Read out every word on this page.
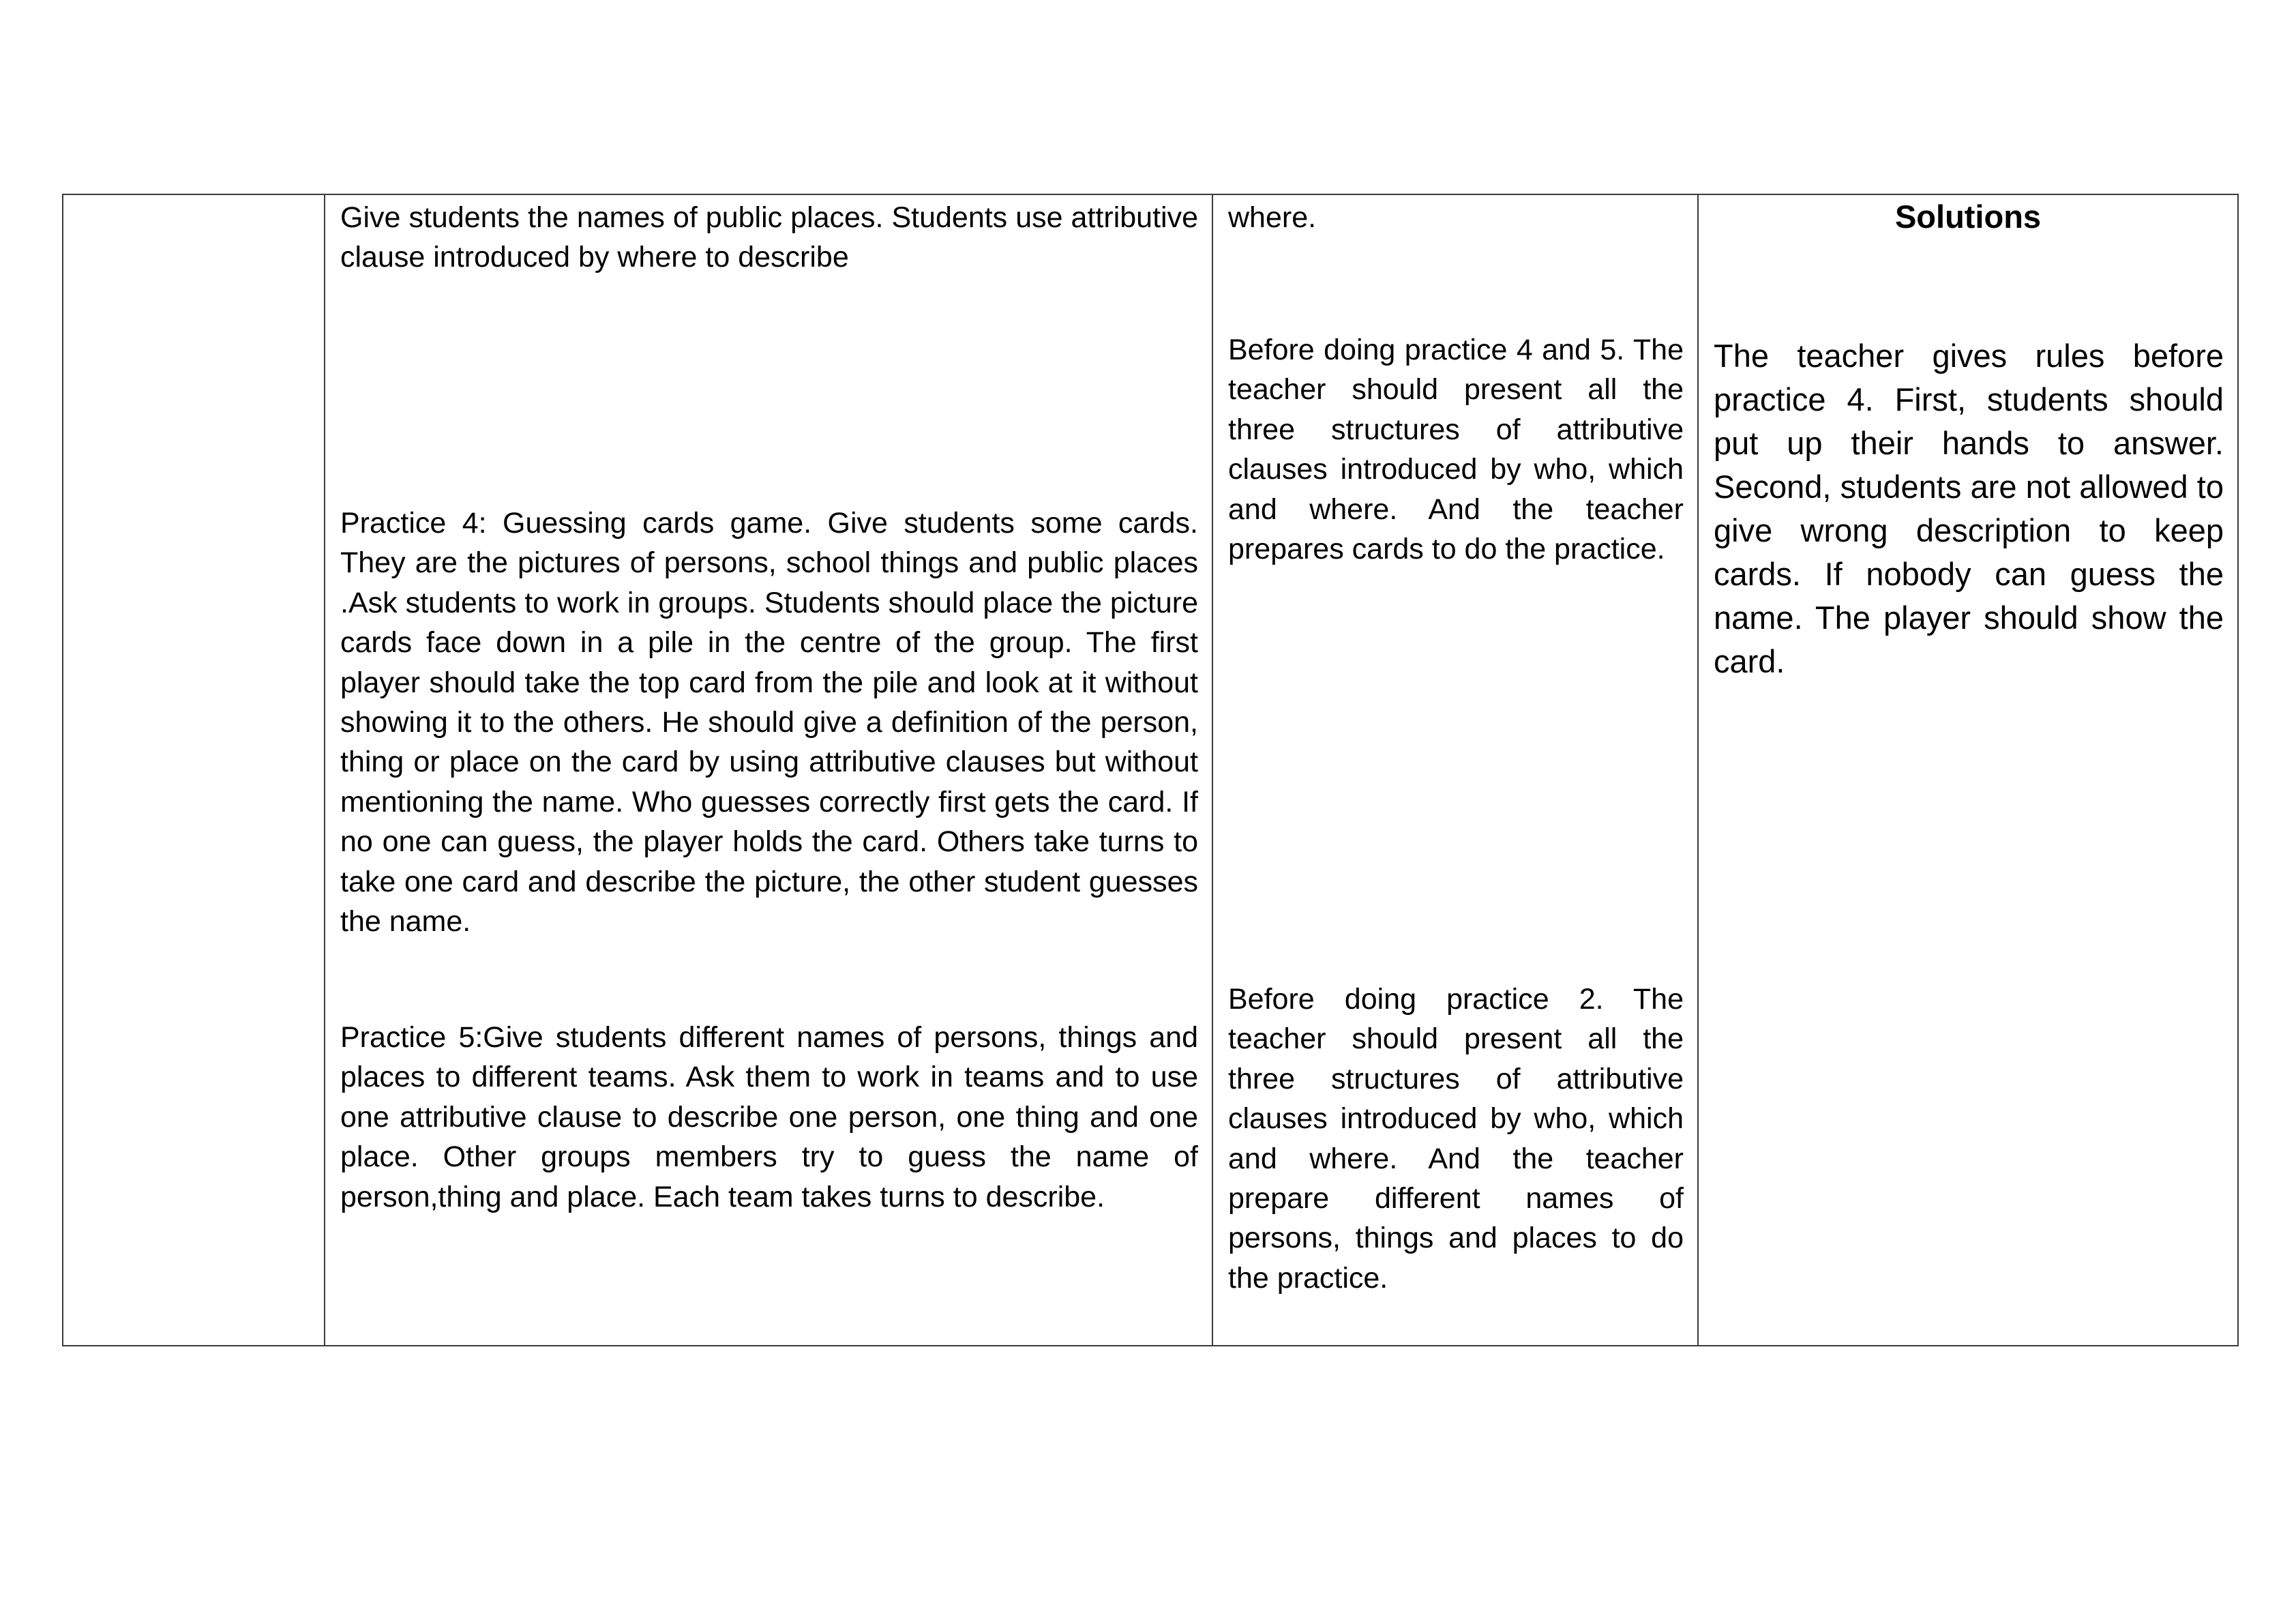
Give students the names of public places. Students use attributive clause introduced by where to describe

Practice 4: Guessing cards game. Give students some cards. They are the pictures of persons, school things and public places .Ask students to work in groups. Students should place the picture cards face down in a pile in the centre of the group. The first player should take the top card from the pile and look at it without showing it to the others. He should give a definition of the person, thing or place on the card by using attributive clauses but without mentioning the name. Who guesses correctly first gets the card. If no one can guess, the player holds the card. Others take turns to take one card and describe the picture, the other student guesses the name.

Practice 5:Give students different names of persons, things and places to different teams. Ask them to work in teams and to use one attributive clause to describe one person, one thing and one place. Other groups members try to guess the name of person,thing and place. Each team takes turns to describe.

where.

Before doing practice 4 and 5. The teacher should present all the three structures of attributive clauses introduced by who, which and where. And the teacher prepares cards to do the practice.

Before doing practice 2. The teacher should present all the three structures of attributive clauses introduced by who, which and where. And the teacher prepare different names of persons, things and places to do the practice.

Solutions

The teacher gives rules before practice 4. First, students should put up their hands to answer. Second, students are not allowed to give wrong description to keep cards. If nobody can guess the name. The player should show the card.
